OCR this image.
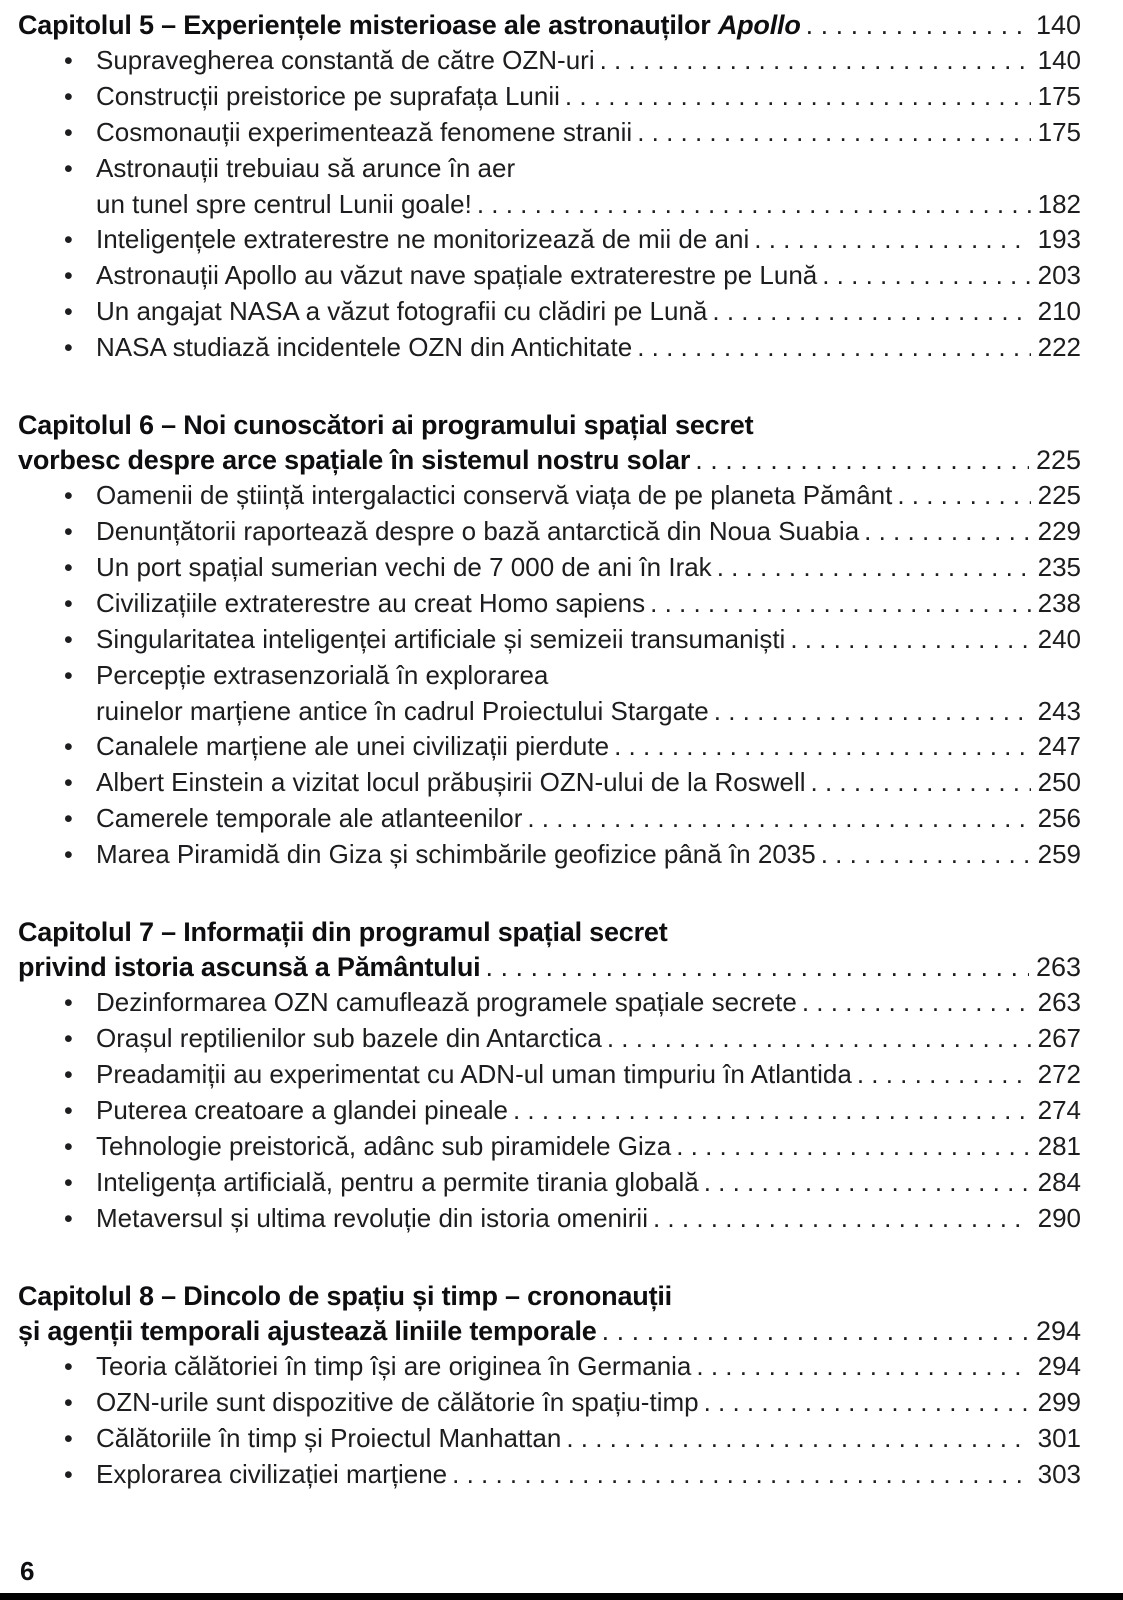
Capitolul 5 – Experiențele misterioase ale astronauților Apollo . . .	140
• Supravegherea constantă de către OZN-uri . . .	140
• Construcții preistorice pe suprafața Lunii . . .	175
• Cosmonauții experimentează fenomene stranii . . .	175
• Astronauții trebuiau să arunce în aer
un tunel spre centrul Lunii goale! . . .	182
• Inteligențele extraterestre ne monitorizează de mii de ani . . .	193
• Astronauții Apollo au văzut nave spațiale extraterestre pe Lună . . .	203
• Un angajat NASA a văzut fotografii cu clădiri pe Lună . . .	210
• NASA studiază incidentele OZN din Antichitate . . .	222
Capitolul 6 – Noi cunoscători ai programului spațial secret
vorbesc despre arce spațiale în sistemul nostru solar . . .	225
• Oamenii de știință intergalactici conservă viața de pe planeta Pământ . . .	225
• Denunțătorii raportează despre o bază antarctică din Noua Suabia . . .	229
• Un port spațial sumerian vechi de 7 000 de ani în Irak . . .	235
• Civilizațiile extraterestre au creat Homo sapiens . . .	238
• Singularitatea inteligenței artificiale și semizeii transumaniști . . .	240
• Percepție extrasenzorială în explorarea
ruinelor marțiene antice în cadrul Proiectului Stargate . . .	243
• Canalele marțiene ale unei civilizații pierdute . . .	247
• Albert Einstein a vizitat locul prăbușirii OZN-ului de la Roswell . . .	250
• Camerele temporale ale atlanteenilor . . .	256
• Marea Piramidă din Giza și schimbările geofizice până în 2035 . . .	259
Capitolul 7 – Informații din programul spațial secret
privind istoria ascunsă a Pământului . . .	263
• Dezinformarea OZN camuflează programele spațiale secrete . . .	263
• Orașul reptilienilor sub bazele din Antarctica . . .	267
• Preadamiții au experimentat cu ADN-ul uman timpuriu în Atlantida . . .	272
• Puterea creatoare a glandei pineale . . .	274
• Tehnologie preistorică, adânc sub piramidele Giza . . .	281
• Inteligența artificială, pentru a permite tirania globală . . .	284
• Metaversul și ultima revoluție din istoria omenirii . . .	290
Capitolul 8 – Dincolo de spațiu și timp – crononauții
și agenții temporali ajustează liniile temporale . . .	294
• Teoria călătoriei în timp își are originea în Germania . . .	294
• OZN-urile sunt dispozitive de călătorie în spațiu-timp . . .	299
• Călătoriile în timp și Proiectul Manhattan . . .	301
• Explorarea civilizației marțiene . . .	303
6
